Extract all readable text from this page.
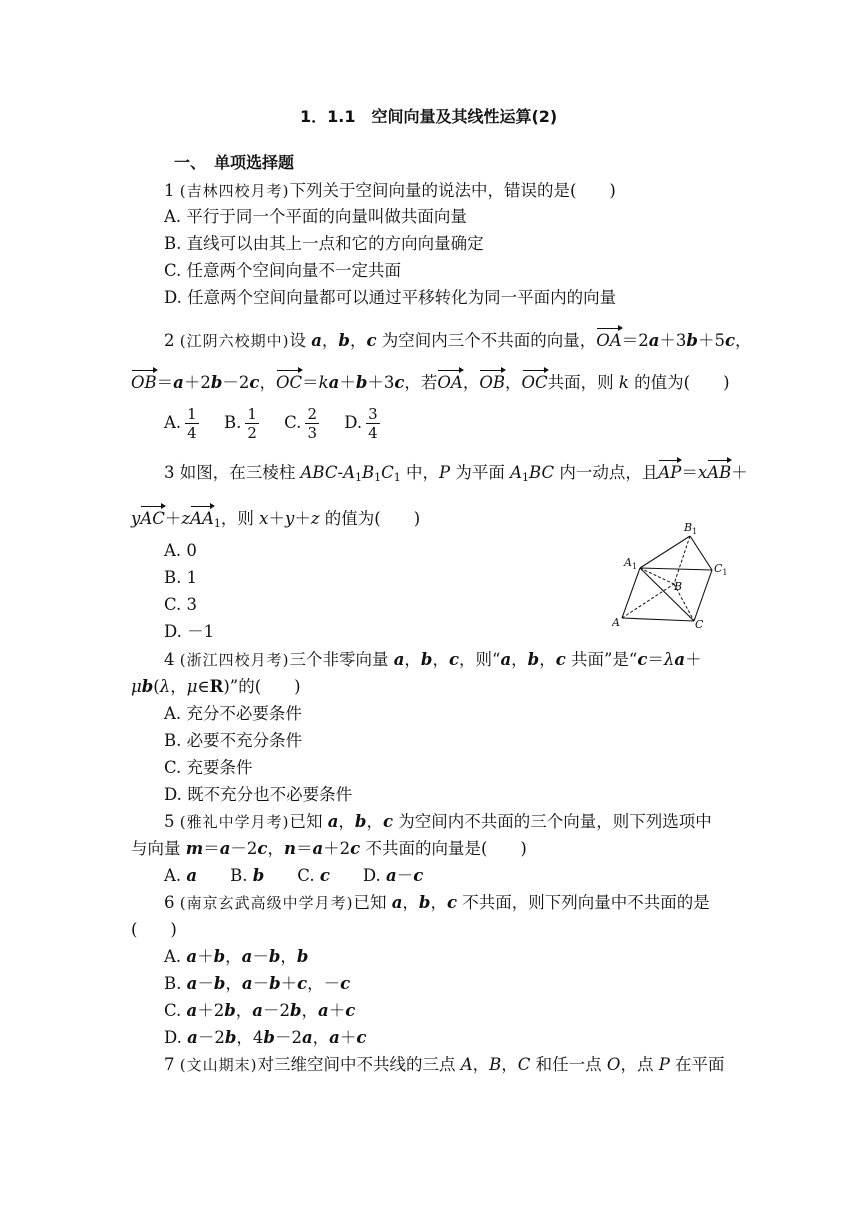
1．1.1　空间向量及其线性运算(2)
一、　单项选择题
1 (吉林四校月考)下列关于空间向量的说法中，错误的是(　　)
A. 平行于同一个平面的向量叫做共面向量
B. 直线可以由其上一点和它的方向向量确定
C. 任意两个空间向量不一定共面
D. 任意两个空间向量都可以通过平移转化为同一平面内的向量
2 (江阴六校期中)设 a，b，c 为空间内三个不共面的向量，OA＝2a＋3b＋5c，
OB＝a＋2b－2c，OC＝ka＋b＋3c，若OA，OB，OC共面，则 k 的值为(　　)
A. $\frac{1}{4} B$. $\frac{1}{2} C$. $\frac{2}{3} D$. $\frac{3}{4}$
3 如图，在三棱柱 ABC-$A_1B_1C_1$ 中，P 为平面 $A_1BC$ 内一动点，且AP＝xAB＋
yAC＋zAA$_1$，则 x＋y＋z 的值为(　　)
A. 0
B. 1
C. 3
D. －1
$B_1$
$A_1$	$C_1$
B
A	C
4 (浙江四校月考)三个非零向量 a，b，c，则“a，b，c 共面”是“c＝λa＋
μb(λ，μ∈R)”的(　　)
A. 充分不必要条件
B. 必要不充分条件
C. 充要条件
D. 既不充分也不必要条件
5 (雅礼中学月考)已知 a，b，c 为空间内不共面的三个向量，则下列选项中
与向量 m＝a－2c，n＝a＋2c 不共面的向量是(　　)
A. a　　B. b　　C. c　　D. a－c
6 (南京玄武高级中学月考)已知 a，b，c 不共面，则下列向量中不共面的是
(　　)
A. a＋b，a－b，b
B. a－b，a－b＋c，－c
C. a＋2b，a－2b，a＋c
D. a－2b，4b－2a，a＋c
7 (文山期末)对三维空间中不共线的三点 A，B，C 和任一点 O，点 P 在平面
